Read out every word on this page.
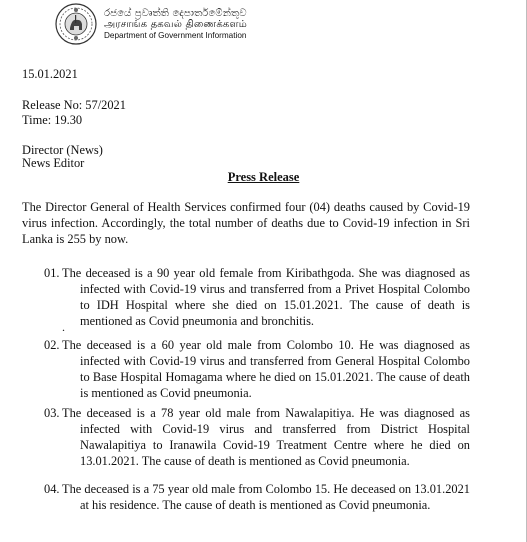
රජයේ ප්‍රවෘත්ති දෙපාර්තමේන්තුව
அரசாங்க தகவல் திணைக்களம்
Department of Government Information
15.01.2021
Release No: 57/2021
Time: 19.30
Director (News)
News Editor
Press Release
The Director General of Health Services confirmed four (04) deaths caused by Covid-19 virus infection. Accordingly, the total number of deaths due to Covid-19 infection in Sri Lanka is 255 by now.
01. The deceased is a 90 year old female from Kiribathgoda. She was diagnosed as infected with Covid-19 virus and transferred from a Privet Hospital Colombo to IDH Hospital where she died on 15.01.2021. The cause of death is mentioned as Covid pneumonia and bronchitis.
.
02. The deceased is a 60 year old male from Colombo 10. He was diagnosed as infected with Covid-19 virus and transferred from General Hospital Colombo to Base Hospital Homagama where he died on 15.01.2021. The cause of death is mentioned as Covid pneumonia.
03.The deceased is a 78 year old male from Nawalapitiya. He was diagnosed as infected with Covid-19 virus and transferred from District Hospital Nawalapitiya to Iranawila Covid-19 Treatment Centre where he died on 13.01.2021. The cause of death is mentioned as Covid pneumonia.
04. The deceased is a 75 year old male from Colombo 15. He deceased on 13.01.2021 at his residence. The cause of death is mentioned as Covid pneumonia.
